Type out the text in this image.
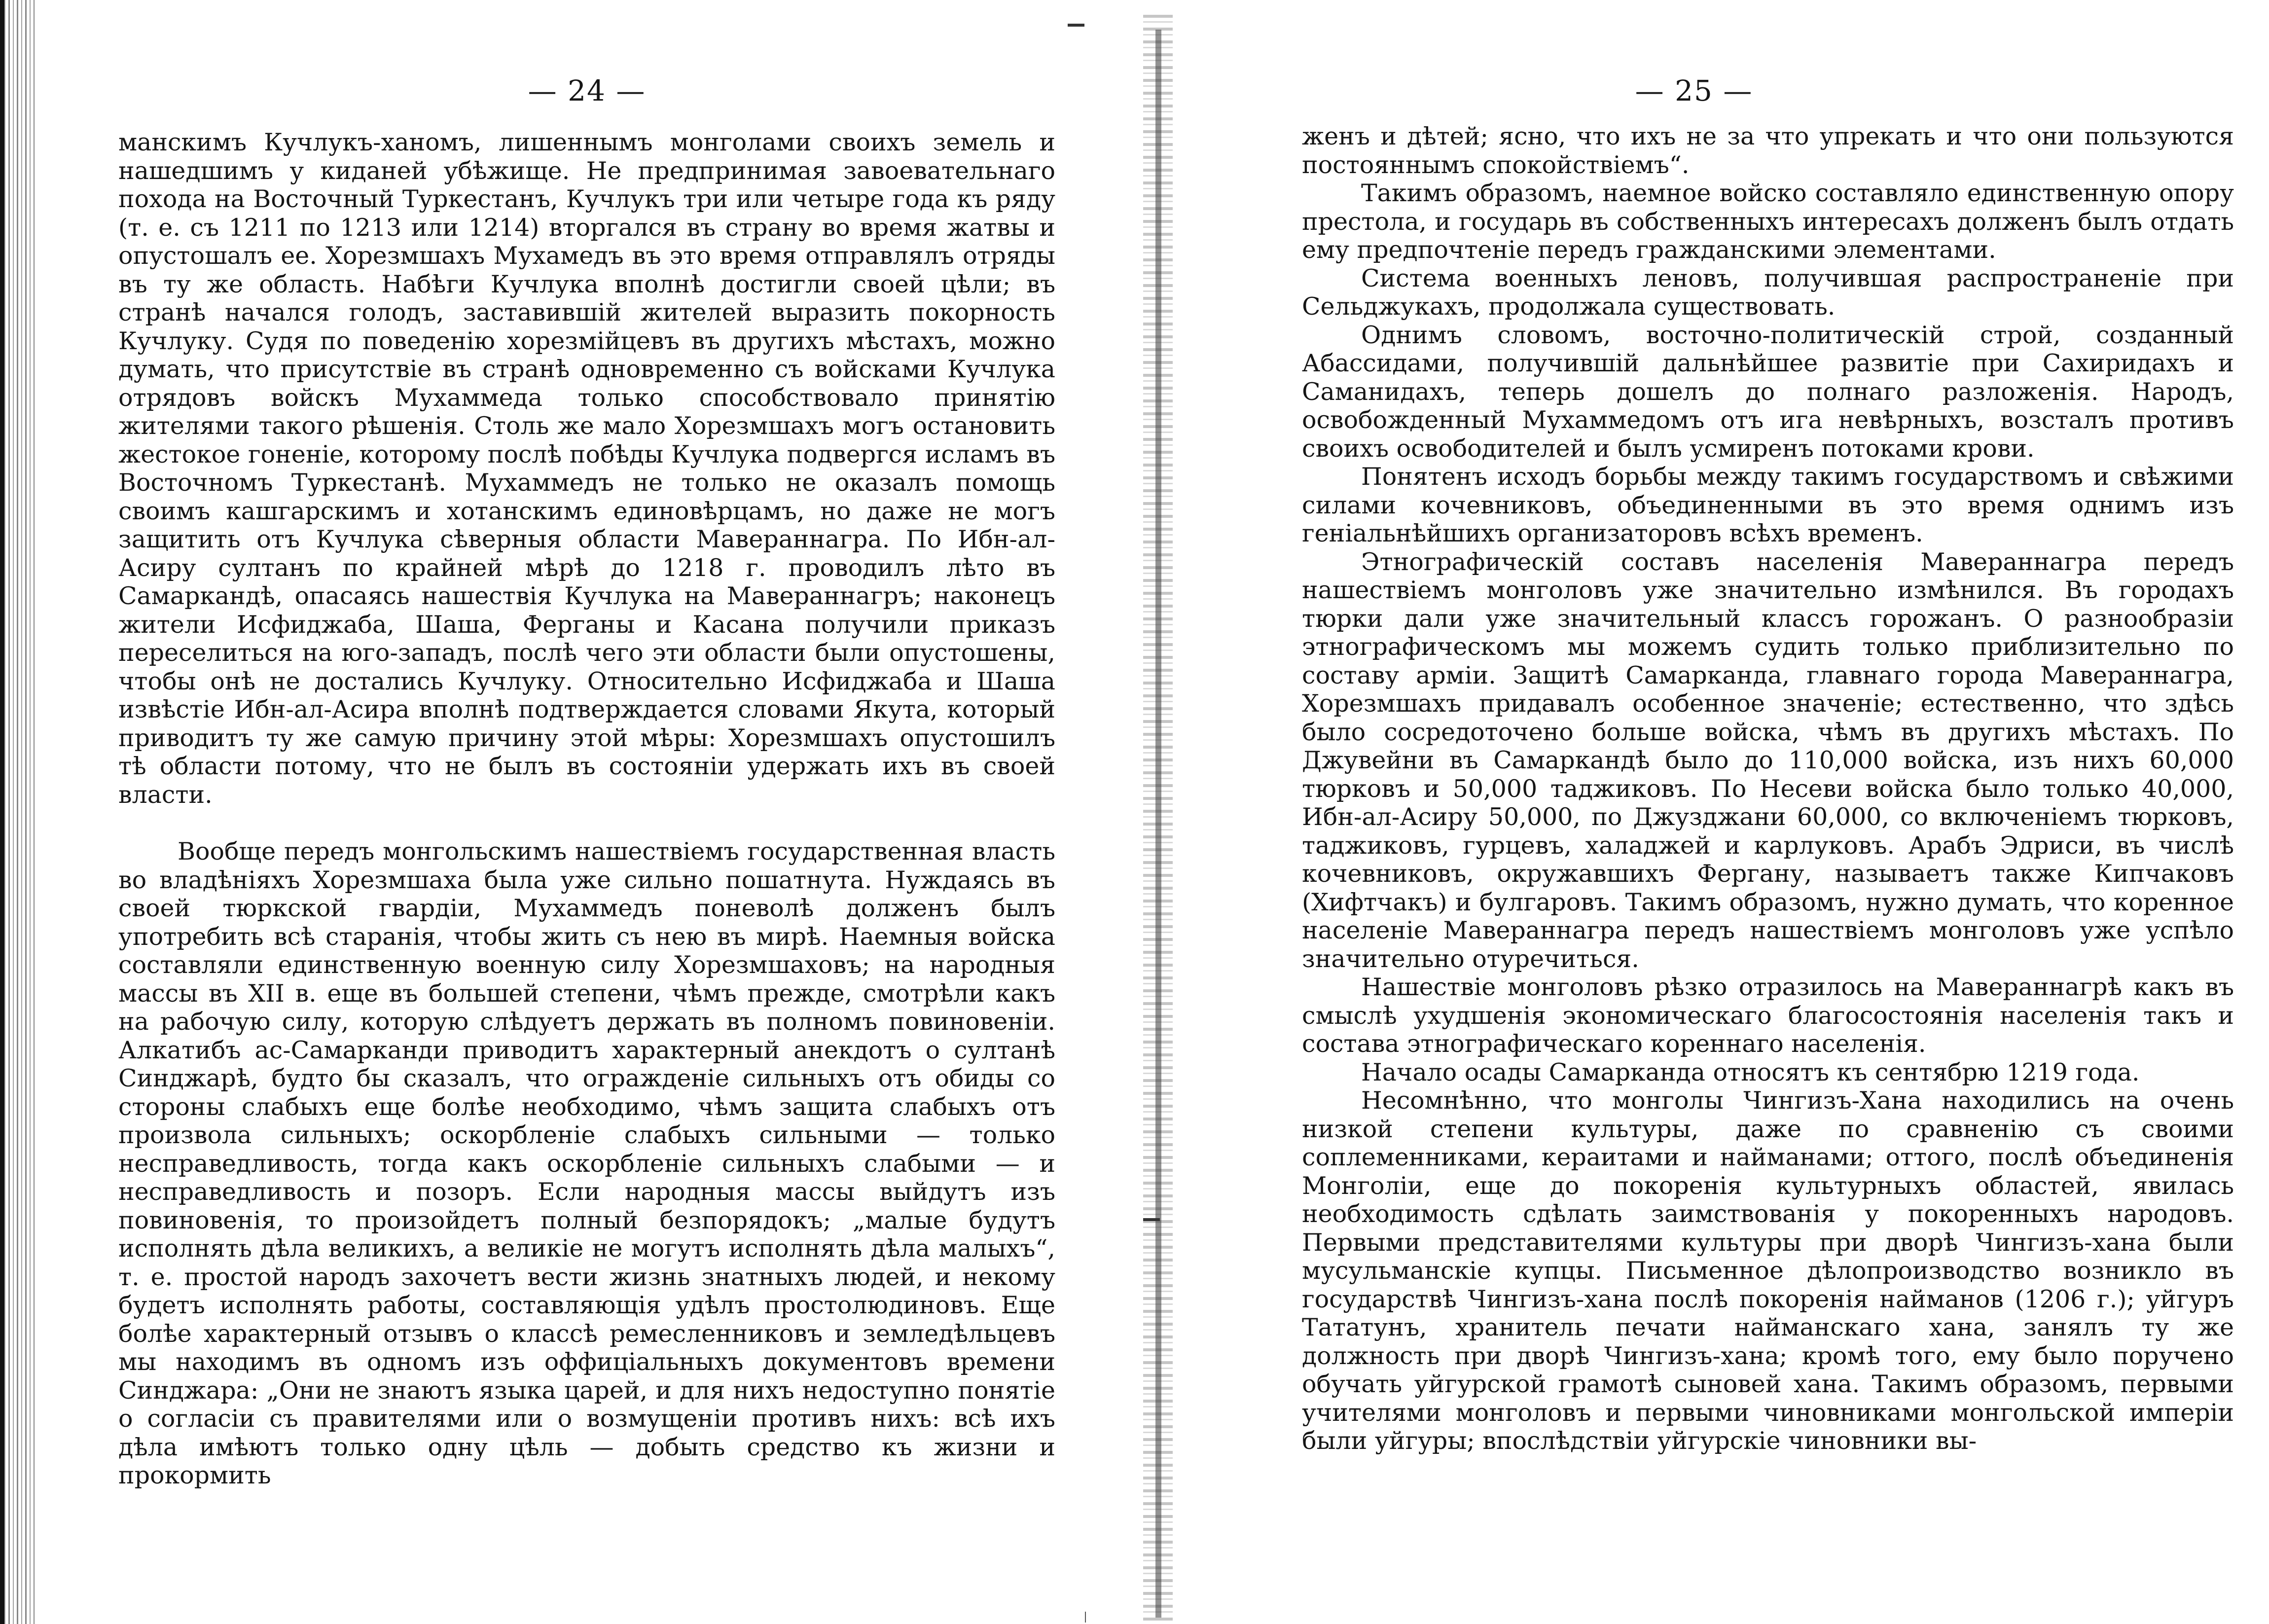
— 24 —

манскимъ Кучлукъ-ханомъ, лишеннымъ монголами своихъ земель и нашедшимъ у киданей убѣжище. Не предпринимая завоевательнаго похода на Восточный Туркестанъ, Кучлукъ три или четыре года къ ряду (т. е. съ 1211 по 1213 или 1214) вторгался въ страну во время жатвы и опустошалъ ее. Хорезмшахъ Мухамедъ въ это время отправлялъ отряды въ ту же область. Набѣги Кучлука вполнѣ достигли своей цѣли; въ странѣ начался голодъ, заставившій жителей выразить покорность Кучлуку. Судя по поведенію хорезмійцевъ въ другихъ мѣстахъ, можно думать, что присутствіе въ странѣ одновременно съ войсками Кучлука отрядовъ войскъ Мухаммеда только способствовало принятію жителями такого рѣшенія. Столь же мало Хорезмшахъ могъ остановить жестокое гоненіе, которому послѣ побѣды Кучлука подвергся исламъ въ Восточномъ Туркестанѣ. Мухаммедъ не только не оказалъ помощь своимъ кашгарскимъ и хотанскимъ единовѣрцамъ, но даже не могъ защитить отъ Кучлука сѣверныя области Мавераннагра. По Ибн-ал-Асиру султанъ по крайней мѣрѣ до 1218 г. проводилъ лѣто въ Самаркандѣ, опасаясь нашествія Кучлука на Мавераннагръ; наконецъ жители Исфиджаба, Шаша, Ферганы и Касана получили приказъ переселиться на юго-западъ, послѣ чего эти области были опустошены, чтобы онѣ не достались Кучлуку. Относительно Исфиджаба и Шаша извѣстіе Ибн-ал-Асира вполнѣ подтверждается словами Якута, который приводитъ ту же самую причину этой мѣры: Хорезмшахъ опустошилъ тѣ области потому, что не былъ въ состояніи удержать ихъ въ своей власти.

Вообще передъ монгольскимъ нашествіемъ государственная власть во владѣніяхъ Хорезмшаха была уже сильно пошатнута. Нуждаясь въ своей тюркской гвардіи, Мухаммедъ поневолѣ долженъ былъ употребить всѣ старанія, чтобы жить съ нею въ мирѣ. Наемныя войска составляли единственную военную силу Хорезмшаховъ; на народныя массы въ XII в. еще въ большей степени, чѣмъ прежде, смотрѣли какъ на рабочую силу, которую слѣдуетъ держать въ полномъ повиновеніи. Алкатибъ ас-Самарканди приводитъ характерный анекдотъ о султанѣ Синджарѣ, будто бы сказалъ, что огражденіе сильныхъ отъ обиды со стороны слабыхъ еще болѣе необходимо, чѣмъ защита слабыхъ отъ произвола сильныхъ; оскорбленіе слабыхъ сильными — только несправедливость, тогда какъ оскорбленіе сильныхъ слабыми — и несправедливость и позоръ. Если народныя массы выйдутъ изъ повиновенія, то произойдетъ полный безпорядокъ; „малые будутъ исполнять дѣла великихъ, а великіе не могутъ исполнять дѣла малыхъ“, т. е. простой народъ захочетъ вести жизнь знатныхъ людей, и некому будетъ исполнять работы, составляющія удѣлъ простолюдиновъ. Еще болѣе характерный отзывъ о классѣ ремесленниковъ и земледѣльцевъ мы находимъ въ одномъ изъ оффиціальныхъ документовъ времени Синджара: „Они не знаютъ языка царей, и для нихъ недоступно понятіе о согласіи съ правителями или о возмущеніи противъ нихъ: всѣ ихъ дѣла имѣютъ только одну цѣль — добыть средство къ жизни и прокормить

— 25 —

женъ и дѣтей; ясно, что ихъ не за что упрекать и что они пользуются постояннымъ спокойствіемъ“.

Такимъ образомъ, наемное войско составляло единственную опору престола, и государь въ собственныхъ интересахъ долженъ былъ отдать ему предпочтеніе передъ гражданскими элементами.

Система военныхъ леновъ, получившая распространеніе при Сельджукахъ, продолжала существовать.

Однимъ словомъ, восточно-политическій строй, созданный Абассидами, получившій дальнѣйшее развитіе при Сахиридахъ и Саманидахъ, теперь дошелъ до полнаго разложенія. Народъ, освобожденный Мухаммедомъ отъ ига невѣрныхъ, возсталъ противъ своихъ освободителей и былъ усмиренъ потоками крови.

Понятенъ исходъ борьбы между такимъ государствомъ и свѣжими силами кочевниковъ, объединенными въ это время однимъ изъ геніальнѣйшихъ организаторовъ всѣхъ временъ.

Этнографическій составъ населенія Мавераннагра передъ нашествіемъ монголовъ уже значительно измѣнился. Въ городахъ тюрки дали уже значительный классъ горожанъ. О разнообразіи этнографическомъ мы можемъ судить только приблизительно по составу арміи. Защитѣ Самарканда, главнаго города Мавераннагра, Хорезмшахъ придавалъ особенное значеніе; естественно, что здѣсь было сосредоточено больше войска, чѣмъ въ другихъ мѣстахъ. По Джувейни въ Самаркандѣ было до 110,000 войска, изъ нихъ 60,000 тюрковъ и 50,000 таджиковъ. По Несеви войска было только 40,000, Ибн-ал-Асиру 50,000, по Джузджани 60,000, со включеніемъ тюрковъ, таджиковъ, гурцевъ, халаджей и карлуковъ. Арабъ Эдриси, въ числѣ кочевниковъ, окружавшихъ Фергану, называетъ также Кипчаковъ (Хифтчакъ) и булгаровъ. Такимъ образомъ, нужно думать, что коренное населеніе Мавераннагра передъ нашествіемъ монголовъ уже успѣло значительно отуречиться.

Нашествіе монголовъ рѣзко отразилось на Мавераннагрѣ какъ въ смыслѣ ухудшенія экономическаго благосостоянія населенія такъ и состава этнографическаго кореннаго населенія.

Начало осады Самарканда относятъ къ сентябрю 1219 года.

Несомнѣнно, что монголы Чингизъ-Хана находились на очень низкой степени культуры, даже по сравненію съ своими соплеменниками, кераитами и найманами; оттого, послѣ объединенія Монголіи, еще до покоренія культурныхъ областей, явилась необходимость сдѣлать заимствованія у покоренныхъ народовъ. Первыми представителями культуры при дворѣ Чингизъ-хана были мусульманскіе купцы. Письменное дѣлопроизводство возникло въ государствѣ Чингизъ-хана послѣ покоренія найманов (1206 г.); уйгуръ Тататунъ, хранитель печати найманскаго хана, занялъ ту же должность при дворѣ Чингизъ-хана; кромѣ того, ему было поручено обучать уйгурской грамотѣ сыновей хана. Такимъ образомъ, первыми учителями монголовъ и первыми чиновниками монгольской имперіи были уйгуры; впослѣдствіи уйгурскіе чиновники вы-
